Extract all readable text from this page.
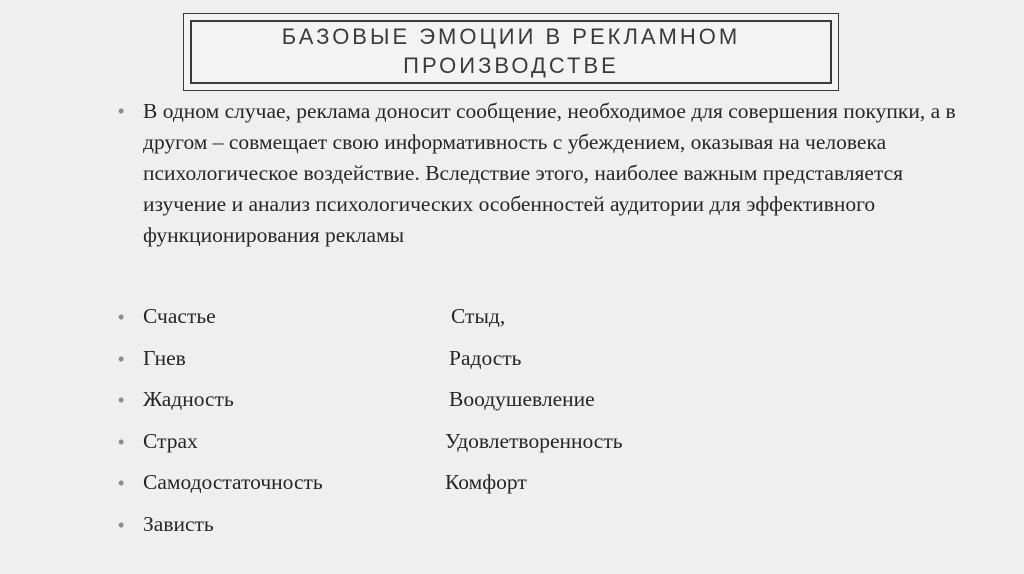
БАЗОВЫЕ ЭМОЦИИ В РЕКЛАМНОМ
ПРОИЗВОДСТВЕ
• В одном случае, реклама доносит сообщение, необходимое для совершения покупки, а в другом – совмещает свою информативность с убеждением, оказывая на человека психологическое воздействие. Вследствие этого, наиболее важным представляется изучение и анализ психологических особенностей аудитории для эффективного функционирования рекламы
• Счастье	Стыд,
• Гнев	Радость
• Жадность	Воодушевление
• Страх	Удовлетворенность
• Самодостаточность	Комфорт
• Зависть
